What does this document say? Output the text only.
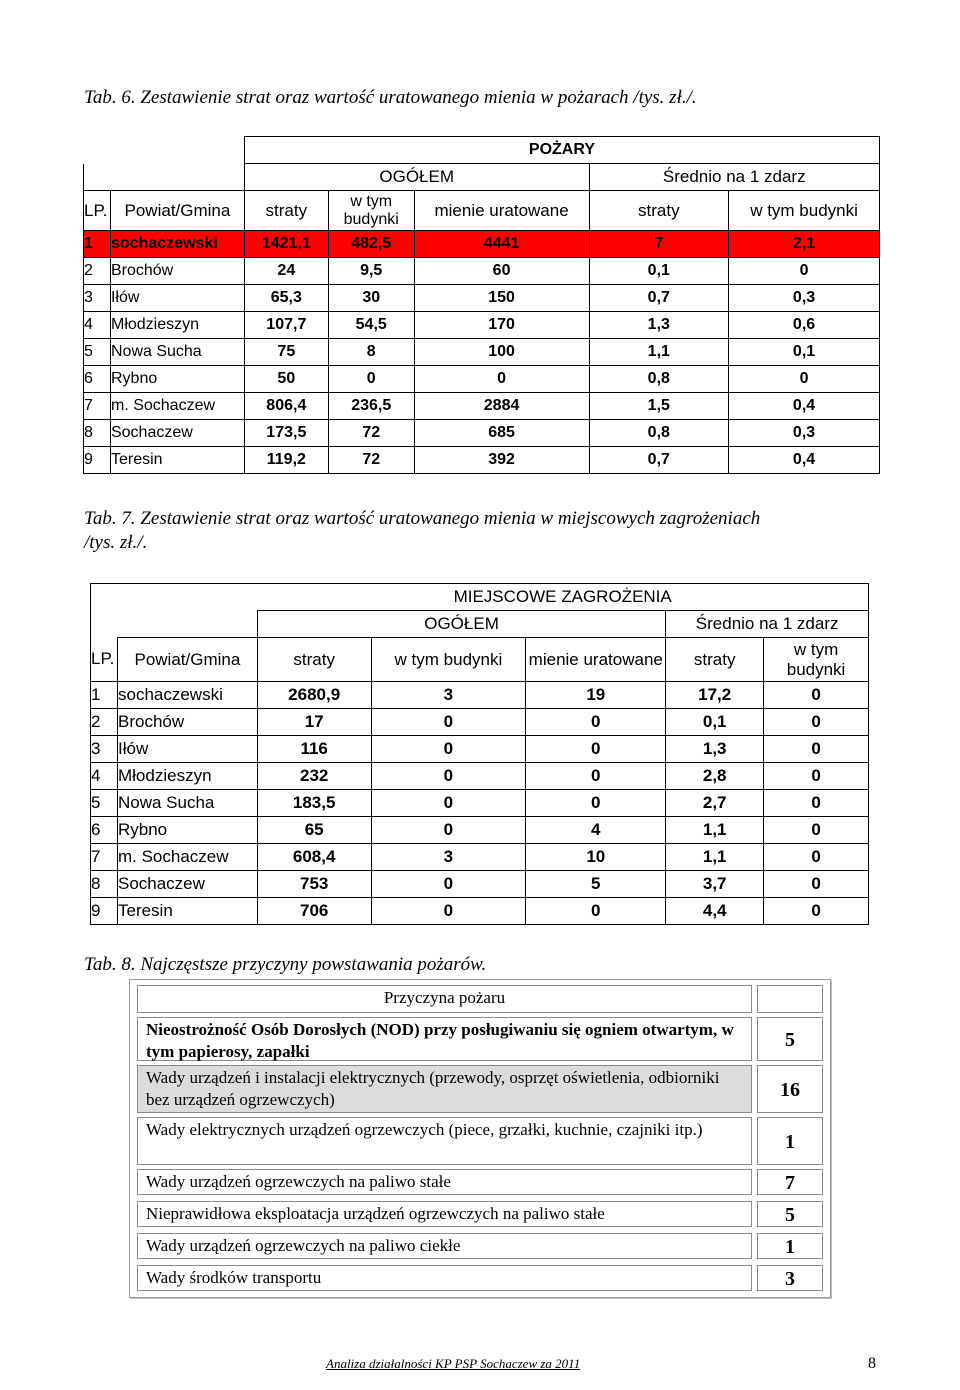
Tab. 6. Zestawienie strat oraz wartość uratowanego mienia w pożarach /tys. zł./.
		POŻARY				
		OGÓŁEM			Średnio na 1 zdarz	
LP.	Powiat/Gmina	straty	w tym budynki	mienie uratowane	straty	w tym budynki
1	sochaczewski	1421,1	482,5	4441	7	2,1
2	Brochów	24	9,5	60	0,1	0
3	Iłów	65,3	30	150	0,7	0,3
4	Młodzieszyn	107,7	54,5	170	1,3	0,6
5	Nowa Sucha	75	8	100	1,1	0,1
6	Rybno	50	0	0	0,8	0
7	m. Sochaczew	806,4	236,5	2884	1,5	0,4
8	Sochaczew	173,5	72	685	0,8	0,3
9	Teresin	119,2	72	392	0,7	0,4
Tab. 7. Zestawienie strat oraz wartość uratowanego mienia w miejscowych zagrożeniach
/tys. zł./.
		MIEJSCOWE ZAGROŻENIA				
		OGÓŁEM			Średnio na 1 zdarz	
LP.	Powiat/Gmina	straty	w tym budynki	mienie uratowane	straty	w tym budynki
1	sochaczewski	2680,9	3	19	17,2	0
2	Brochów	17	0	0	0,1	0
3	Iłów	116	0	0	1,3	0
4	Młodzieszyn	232	0	0	2,8	0
5	Nowa Sucha	183,5	0	0	2,7	0
6	Rybno	65	0	4	1,1	0
7	m. Sochaczew	608,4	3	10	1,1	0
8	Sochaczew	753	0	5	3,7	0
9	Teresin	706	0	0	4,4	0
Tab. 8. Najczęstsze przyczyny powstawania pożarów.
Przyczyna pożaru
Nieostrożność Osób Dorosłych (NOD) przy posługiwaniu się ogniem otwartym, w tym papierosy, zapałki
5
Wady urządzeń i instalacji elektrycznych (przewody, osprzęt oświetlenia, odbiorniki bez urządzeń ogrzewczych)	16
Wady elektrycznych urządzeń ogrzewczych (piece, grzałki, kuchnie, czajniki itp.)
1
Wady urządzeń ogrzewczych na paliwo stałe	7
Nieprawidłowa eksploatacja urządzeń ogrzewczych na paliwo stałe	5
Wady urządzeń ogrzewczych na paliwo ciekłe	1
Wady środków transportu	3
Analiza działalności KP PSP Sochaczew za 2011	8
